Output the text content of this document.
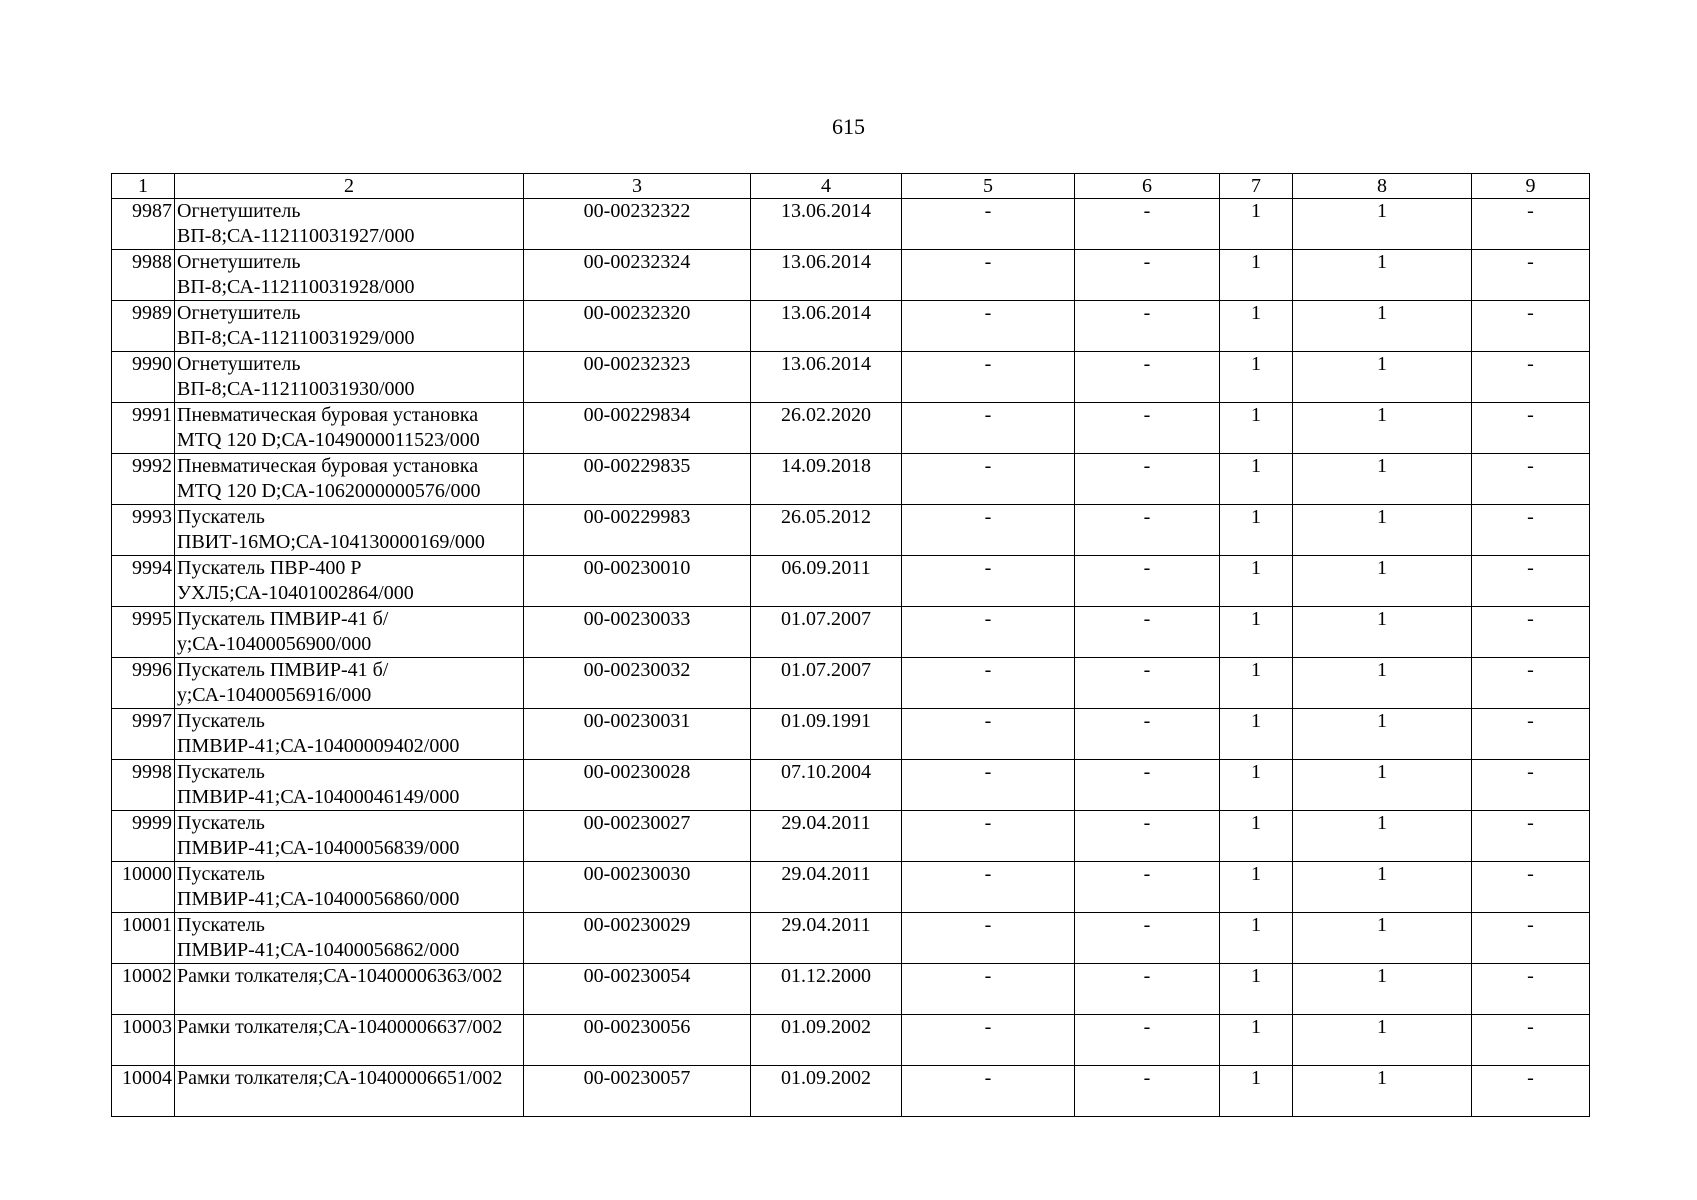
615
1	2	3	4	5	6	7	8	9
9987	Огнетушитель ВП-8;СА-112110031927/000	00-00232322	13.06.2014	-	-	1	1	-
9988	Огнетушитель ВП-8;СА-112110031928/000	00-00232324	13.06.2014	-	-	1	1	-
9989	Огнетушитель ВП-8;СА-112110031929/000	00-00232320	13.06.2014	-	-	1	1	-
9990	Огнетушитель ВП-8;СА-112110031930/000	00-00232323	13.06.2014	-	-	1	1	-
9991	Пневматическая буровая установка MTQ 120 D;СА-1049000011523/000	00-00229834	26.02.2020	-	-	1	1	-
9992	Пневматическая буровая установка MTQ 120 D;СА-1062000000576/000	00-00229835	14.09.2018	-	-	1	1	-
9993	Пускатель ПВИТ-16МО;СА-104130000169/000	00-00229983	26.05.2012	-	-	1	1	-
9994	Пускатель ПВР-400 Р УХЛ5;СА-10401002864/000	00-00230010	06.09.2011	-	-	1	1	-
9995	Пускатель ПМВИР-41 б/у;СА-10400056900/000	00-00230033	01.07.2007	-	-	1	1	-
9996	Пускатель ПМВИР-41 б/у;СА-10400056916/000	00-00230032	01.07.2007	-	-	1	1	-
9997	Пускатель ПМВИР-41;СА-10400009402/000	00-00230031	01.09.1991	-	-	1	1	-
9998	Пускатель ПМВИР-41;СА-10400046149/000	00-00230028	07.10.2004	-	-	1	1	-
9999	Пускатель ПМВИР-41;СА-10400056839/000	00-00230027	29.04.2011	-	-	1	1	-
10000	Пускатель ПМВИР-41;СА-10400056860/000	00-00230030	29.04.2011	-	-	1	1	-
10001	Пускатель ПМВИР-41;СА-10400056862/000	00-00230029	29.04.2011	-	-	1	1	-
10002	Рамки толкателя;СА-10400006363/002	00-00230054	01.12.2000	-	-	1	1	-
10003	Рамки толкателя;СА-10400006637/002	00-00230056	01.09.2002	-	-	1	1	-
10004	Рамки толкателя;СА-10400006651/002	00-00230057	01.09.2002	-	-	1	1	-
